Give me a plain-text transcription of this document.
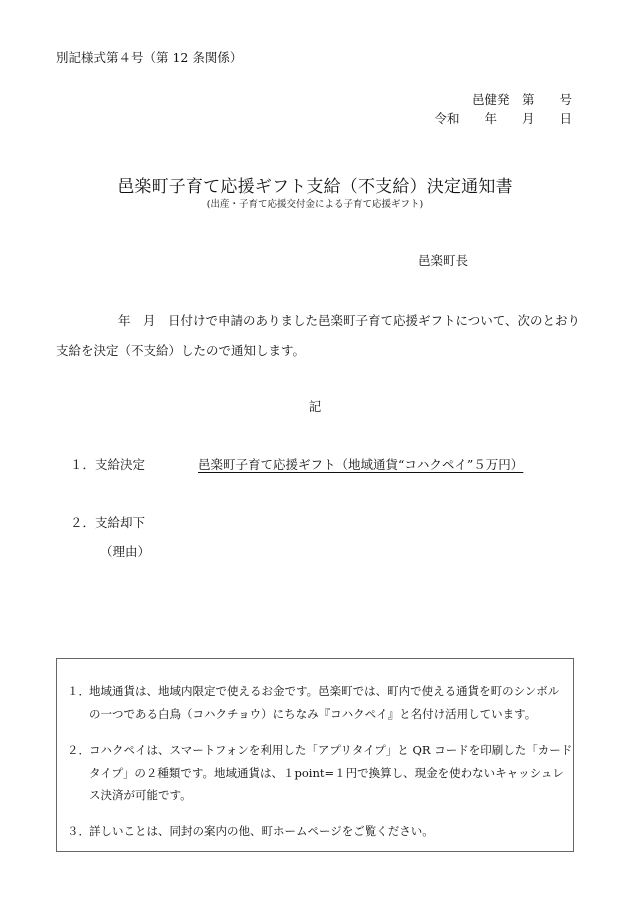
別記様式第４号（第 12 条関係）
邑健発　第　　号
令和　　年　　月　　日
邑楽町子育て応援ギフト支給（不支給）決定通知書
(出産・子育て応援交付金による子育て応援ギフト)
邑楽町長
年　月　日付けで申請のありました邑楽町子育て応援ギフトについて、次のとおり
支給を決定（不支給）したので通知します。
記
１．支給決定	邑楽町子育て応援ギフト（地域通貨“コハクペイ”５万円）
２．支給却下
（理由）
１． 地域通貨は、地域内限定で使えるお金です。邑楽町では、町内で使える通貨を町のシンボル
の一つである白鳥（コハクチョウ）にちなみ『コハクペイ』と名付け活用しています。
２． コハクペイは、スマートフォンを利用した「アプリタイプ」と QR コードを印刷した「カード
タイプ」の２種類です。地域通貨は、１point=１円で換算し、現金を使わないキャッシュレ
ス決済が可能です。
３． 詳しいことは、同封の案内の他、町ホームページをご覧ください。
